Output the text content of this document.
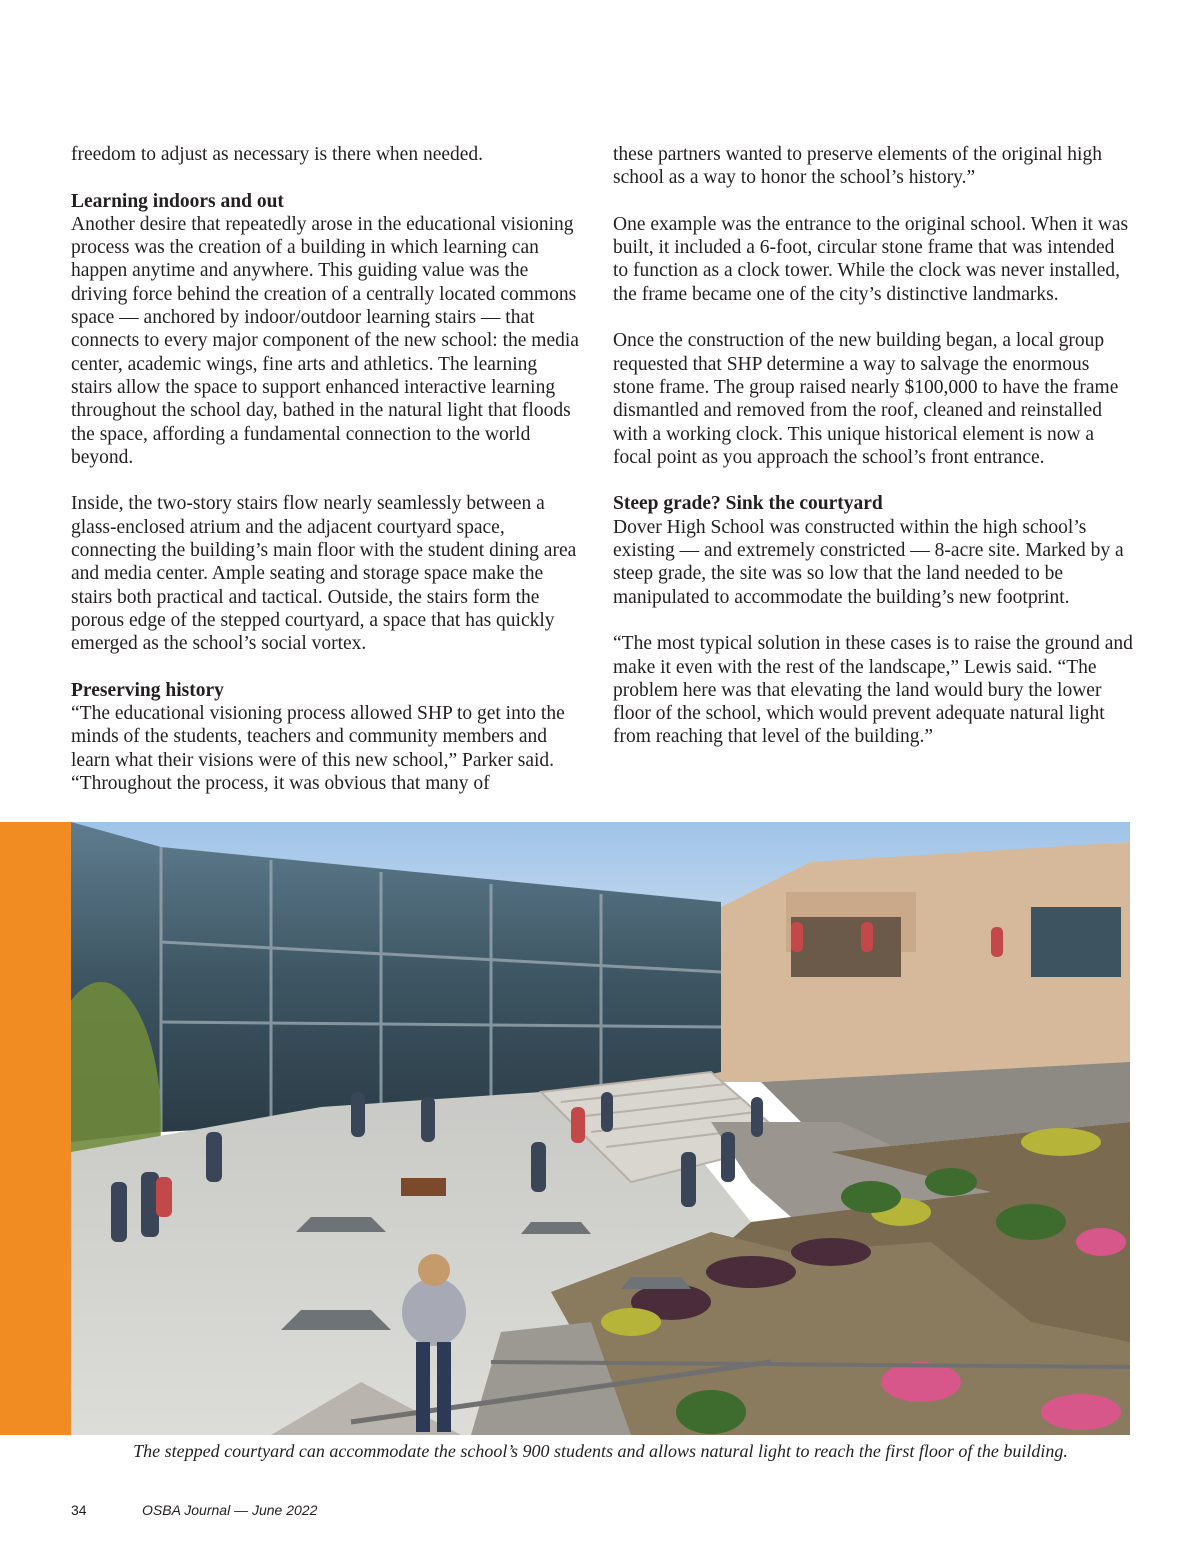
freedom to adjust as necessary is there when needed.

Learning indoors and out

Another desire that repeatedly arose in the educational visioning process was the creation of a building in which learning can happen anytime and anywhere. This guiding value was the driving force behind the creation of a centrally located commons space — anchored by indoor/outdoor learning stairs — that connects to every major component of the new school: the media center, academic wings, fine arts and athletics. The learning stairs allow the space to support enhanced interactive learning throughout the school day, bathed in the natural light that floods the space, affording a fundamental connection to the world beyond.

Inside, the two-story stairs flow nearly seamlessly between a glass-enclosed atrium and the adjacent courtyard space, connecting the building’s main floor with the student dining area and media center. Ample seating and storage space make the stairs both practical and tactical. Outside, the stairs form the porous edge of the stepped courtyard, a space that has quickly emerged as the school’s social vortex.

Preserving history

“The educational visioning process allowed SHP to get into the minds of the students, teachers and community members and learn what their visions were of this new school,” Parker said. “Throughout the process, it was obvious that many of

these partners wanted to preserve elements of the original high school as a way to honor the school’s history.”

One example was the entrance to the original school. When it was built, it included a 6-foot, circular stone frame that was intended to function as a clock tower. While the clock was never installed, the frame became one of the city’s distinctive landmarks.

Once the construction of the new building began, a local group requested that SHP determine a way to salvage the enormous stone frame. The group raised nearly $100,000 to have the frame dismantled and removed from the roof, cleaned and reinstalled with a working clock. This unique historical element is now a focal point as you approach the school’s front entrance.

Steep grade? Sink the courtyard

Dover High School was constructed within the high school’s existing — and extremely constricted — 8-acre site. Marked by a steep grade, the site was so low that the land needed to be manipulated to accommodate the building’s new footprint.

“The most typical solution in these cases is to raise the ground and make it even with the rest of the landscape,” Lewis said. “The problem here was that elevating the land would bury the lower floor of the school, which would prevent adequate natural light from reaching that level of the building.”

The stepped courtyard can accommodate the school’s 900 students and allows natural light to reach the first floor of the building.
34	OSBA Journal — June 2022
